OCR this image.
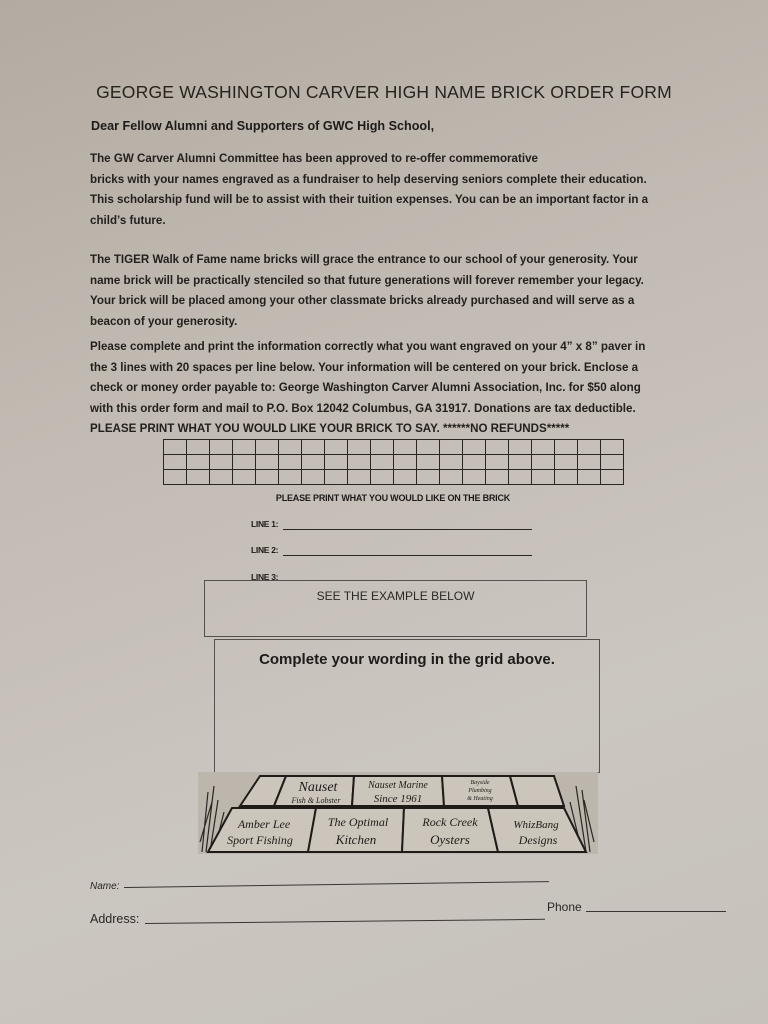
GEORGE WASHINGTON CARVER HIGH NAME BRICK ORDER FORM
Dear Fellow Alumni and Supporters of GWC High School,
The GW Carver Alumni Committee has been approved to re-offer commemorative
bricks with your names engraved as a fundraiser to help deserving seniors complete their education.
This scholarship fund will be to assist with their tuition expenses. You can be an important factor in a
child’s future.
The TIGER Walk of Fame name bricks will grace the entrance to our school of your generosity. Your
name brick will be practically stenciled so that future generations will forever remember your legacy.
Your brick will be placed among your other classmate bricks already purchased and will serve as a
beacon of your generosity.
Please complete and print the information correctly what you want engraved on your 4” x 8” paver in
the 3 lines with 20 spaces per line below. Your information will be centered on your brick. Enclose a
check or money order payable to: George Washington Carver Alumni Association, Inc. for $50 along
with this order form and mail to P.O. Box 12042 Columbus, GA 31917. Donations are tax deductible.
PLEASE PRINT WHAT YOU WOULD LIKE YOUR BRICK TO SAY. ******NO REFUNDS*****

PLEASE PRINT WHAT YOU WOULD LIKE ON THE BRICK
LINE 1:
LINE 2:
LINE 3:
SEE THE EXAMPLE BELOW
Complete your wording in the grid above.
Nauset
Fish & Lobster
Nauset Marine
Since 1961
Bayside
Plumbing
& Heating
Amber Lee
Sport Fishing
The Optimal
Kitchen
Rock Creek
Oysters
WhizBang
Designs
Name:
Address:
Phone
